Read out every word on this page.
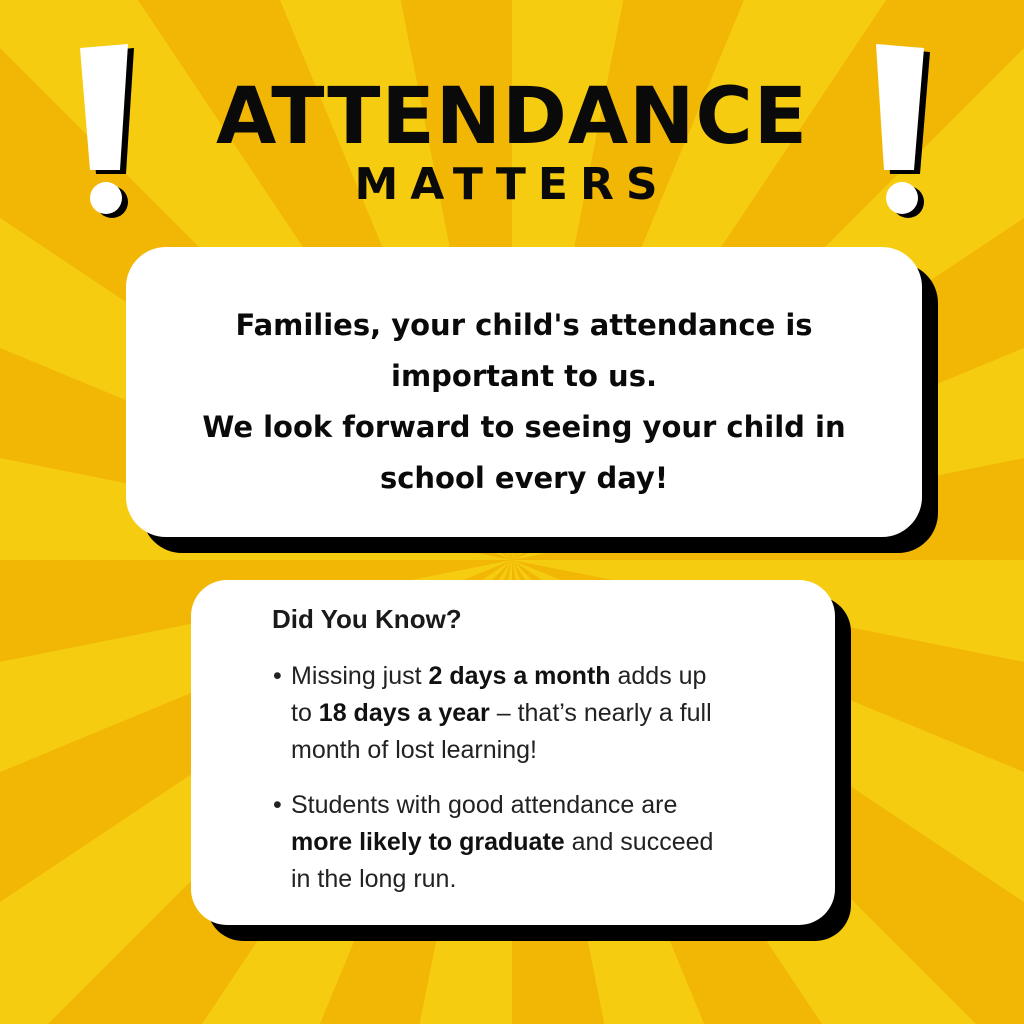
ATTENDANCE
MATTERS
Families, your child's attendance is
important to us.
We look forward to seeing your child in
school every day!
Did You Know?
• Missing just 2 days a month adds up
to 18 days a year – that’s nearly a full
month of lost learning!
• Students with good attendance are
more likely to graduate and succeed
in the long run.
